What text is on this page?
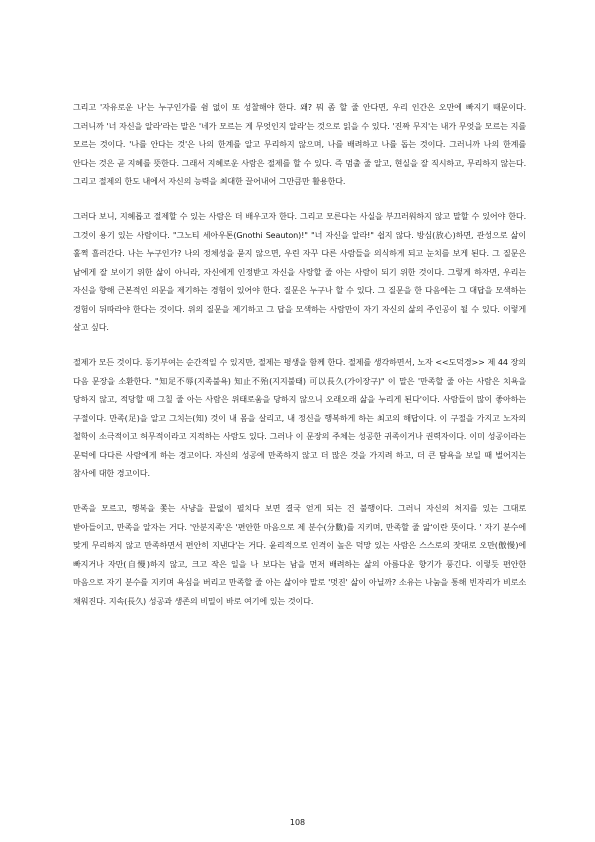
그리고 '자유로운 나'는 누구인가를 쉼 없이 또 성찰해야 한다. 왜? 뭐 좀 할 줄 안다면, 우리 인간은 오만에 빠지기 때문이다. 그러니까 '너 자신을 알라'라는 말은 '네가 모르는 게 무엇인지 알라'는 것으로 읽을 수 있다. '진짜 무지'는 내가 무엇을 모르는 지를 모르는 것이다. '나를 안다는 것'은 나의 한계를 알고 무리하지 않으며, 나를 배려하고 나를 돕는 것이다. 그러니까 나의 한계를 안다는 것은 곧 지혜를 뜻한다. 그래서 지혜로운 사람은 절제를 할 수 있다. 즉 멈출 줄 알고, 현실을 잘 직시하고, 무리하지 않는다. 그리고 절제의 한도 내에서 자신의 능력을 최대한 끌어내어 그만큼만 활용한다.

그러다 보니, 지혜롭고 절제할 수 있는 사람은 더 배우고자 한다. 그리고 모른다는 사실을 부끄러워하지 않고 말할 수 있어야 한다. 그것이 용기 있는 사람이다. "그노티 세아우톤(Gnothi Seauton)!" "너 자신을 알라!" 쉽지 않다. 방심(放心)하면, 관성으로 삶이 훌쩍 흘러간다. 나는 누구인가? 나의 정체성을 묻지 않으면, 우린 자꾸 다른 사람들을 의식하게 되고 눈치를 보게 된다. 그 질문은 남에게 잘 보이기 위한 삶이 아니라, 자신에게 인정받고 자신을 사랑할 줄 아는 사람이 되기 위한 것이다. 그렇게 하자면, 우리는 자신을 향해 근본적인 의문을 제기하는 경험이 있어야 한다. 질문은 누구나 할 수 있다. 그 질문을 한 다음에는 그 대답을 모색하는 경험이 뒤따라야 한다는 것이다. 위의 질문을 제기하고 그 답을 모색하는 사람만이 자기 자신의 삶의 주인공이 될 수 있다. 이렇게 살고 싶다.

절제가 모든 것이다. 동기부여는 순간적일 수 있지만, 절제는 평생을 함께 한다. 절제를 생각하면서, 노자 <<도덕경>> 제 44 장의 다음 문장을 소환한다. "知足不辱(지족불욕) 知止不殆(지지불태) 可以長久(가이장구)" 이 말은 '만족할 줄 아는 사람은 치욕을 당하지 않고, 적당할 때 그칠 줄 아는 사람은 위태로움을 당하지 않으니 오래오래 삶을 누리게 된다'이다. 사람들이 많이 좋아하는 구절이다. 만족(足)을 알고 그치는(知) 것이 내 몸을 살리고, 내 정신을 행복하게 하는 최고의 해답이다. 이 구절을 가지고 노자의 철학이 소극적이고 허무적이라고 지적하는 사람도 있다. 그러나 이 문장의 주체는 성공한 귀족이거나 권력자이다. 이미 성공이라는 문턱에 다다른 사람에게 하는 경고이다. 자신의 성공에 만족하지 않고 더 많은 것을 가지려 하고, 더 큰 탐욕을 보일 때 벌어지는 참사에 대한 경고이다.

만족을 모르고, 행복을 쫓는 사냥을 끝없이 펼치다 보면 결국 얻게 되는 건 불행이다. 그러니 자신의 처지를 있는 그대로 받아들이고, 만족을 알자는 거다. '안분지족'은 '편안한 마음으로 제 분수(分數)를 지키며, 만족할 줄 앎'이란 뜻이다. ' 자기 분수에 맞게 무리하지 않고 만족하면서 편안히 지낸다'는 거다. 윤리적으로 인격이 높은 덕망 있는 사람은 스스로의 잣대로 오만(傲慢)에 빠지거나 자만(自慢)하지 않고, 크고 작은 일을 나 보다는 남을 먼저 배려하는 삶의 아름다운 향기가 풍긴다. 이렇듯 편안한 마음으로 자기 분수를 지키며 욕심을 버리고 만족할 줄 아는 삶이야 말로 '멋진' 삶이 아닐까? 소유는 나눔을 통해 빈자리가 비로소 채워진다. 지속(長久) 성공과 생존의 비밀이 바로 여기에 있는 것이다.

108
